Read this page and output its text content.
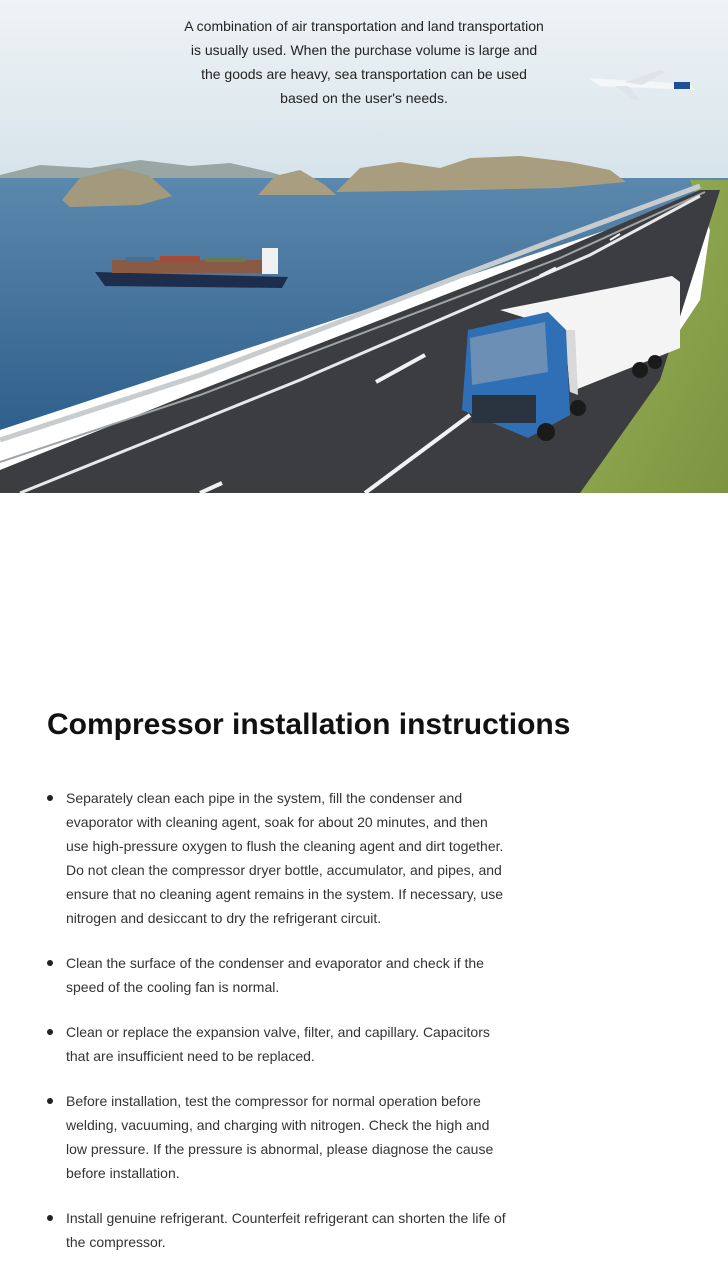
A combination of air transportation and land transportation is usually used. When the purchase volume is large and the goods are heavy, sea transportation can be used based on the user's needs.

Compressor installation instructions
Separately clean each pipe in the system, fill the condenser and evaporator with cleaning agent, soak for about 20 minutes, and then use high-pressure oxygen to flush the cleaning agent and dirt together. Do not clean the compressor dryer bottle, accumulator, and pipes, and ensure that no cleaning agent remains in the system. If necessary, use nitrogen and desiccant to dry the refrigerant circuit.
Clean the surface of the condenser and evaporator and check if the speed of the cooling fan is normal.
Clean or replace the expansion valve, filter, and capillary. Capacitors that are insufficient need to be replaced.
Before installation, test the compressor for normal operation before welding, vacuuming, and charging with nitrogen. Check the high and low pressure. If the pressure is abnormal, please diagnose the cause before installation.
Install genuine refrigerant. Counterfeit refrigerant can shorten the life of the compressor.
